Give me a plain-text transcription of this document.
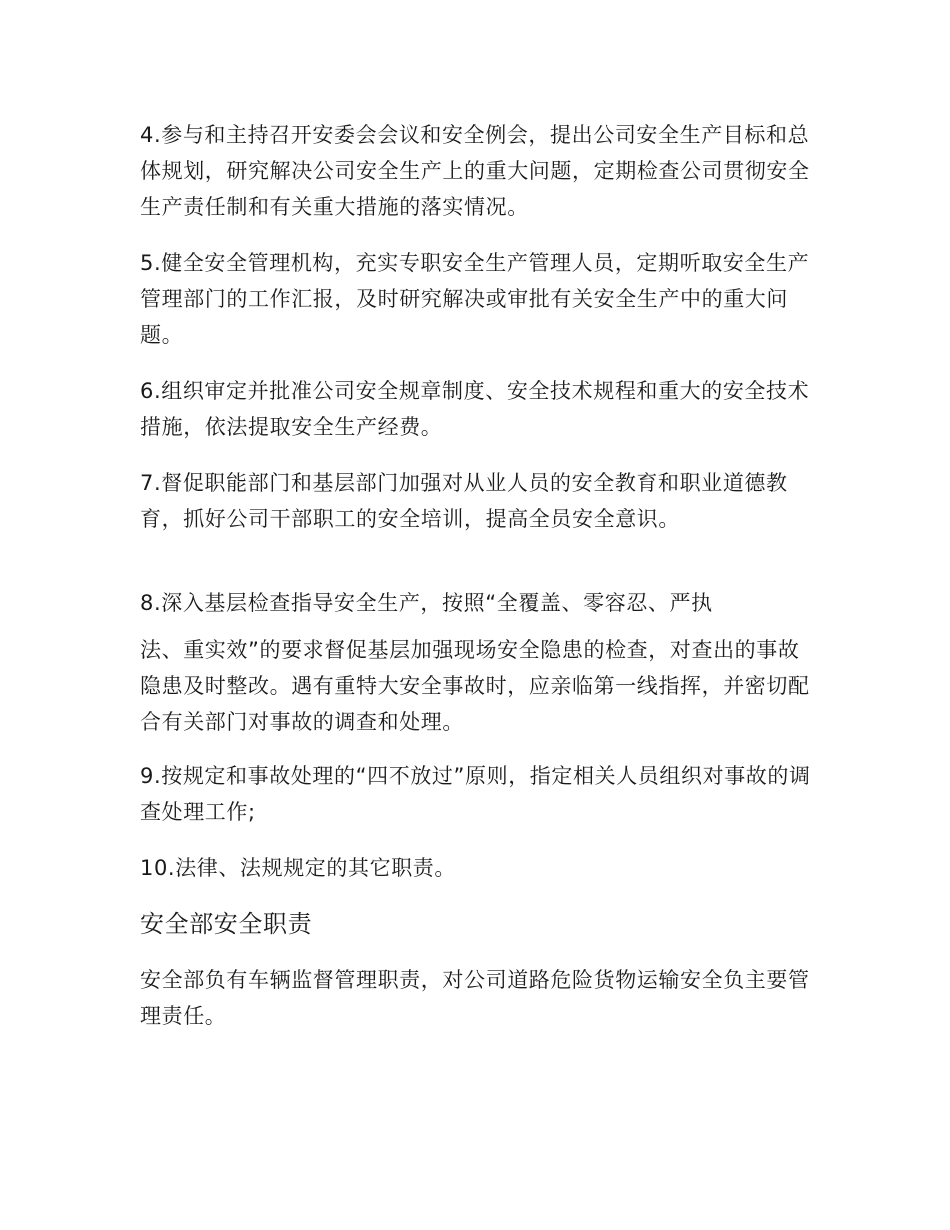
4.参与和主持召开安委会会议和安全例会，提出公司安全生产目标和总体规划，研究解决公司安全生产上的重大问题，定期检查公司贯彻安全生产责任制和有关重大措施的落实情况。

5.健全安全管理机构，充实专职安全生产管理人员，定期听取安全生产管理部门的工作汇报，及时研究解决或审批有关安全生产中的重大问题。

6.组织审定并批准公司安全规章制度、安全技术规程和重大的安全技术措施，依法提取安全生产经费。

7.督促职能部门和基层部门加强对从业人员的安全教育和职业道德教育，抓好公司干部职工的安全培训，提高全员安全意识。

8.深入基层检查指导安全生产，按照“全覆盖、零容忍、严执

法、重实效”的要求督促基层加强现场安全隐患的检查，对查出的事故隐患及时整改。遇有重特大安全事故时，应亲临第一线指挥，并密切配合有关部门对事故的调查和处理。

9.按规定和事故处理的“四不放过”原则，指定相关人员组织对事故的调查处理工作;

10.法律、法规规定的其它职责。

安全部安全职责

安全部负有车辆监督管理职责，对公司道路危险货物运输安全负主要管理责任。
